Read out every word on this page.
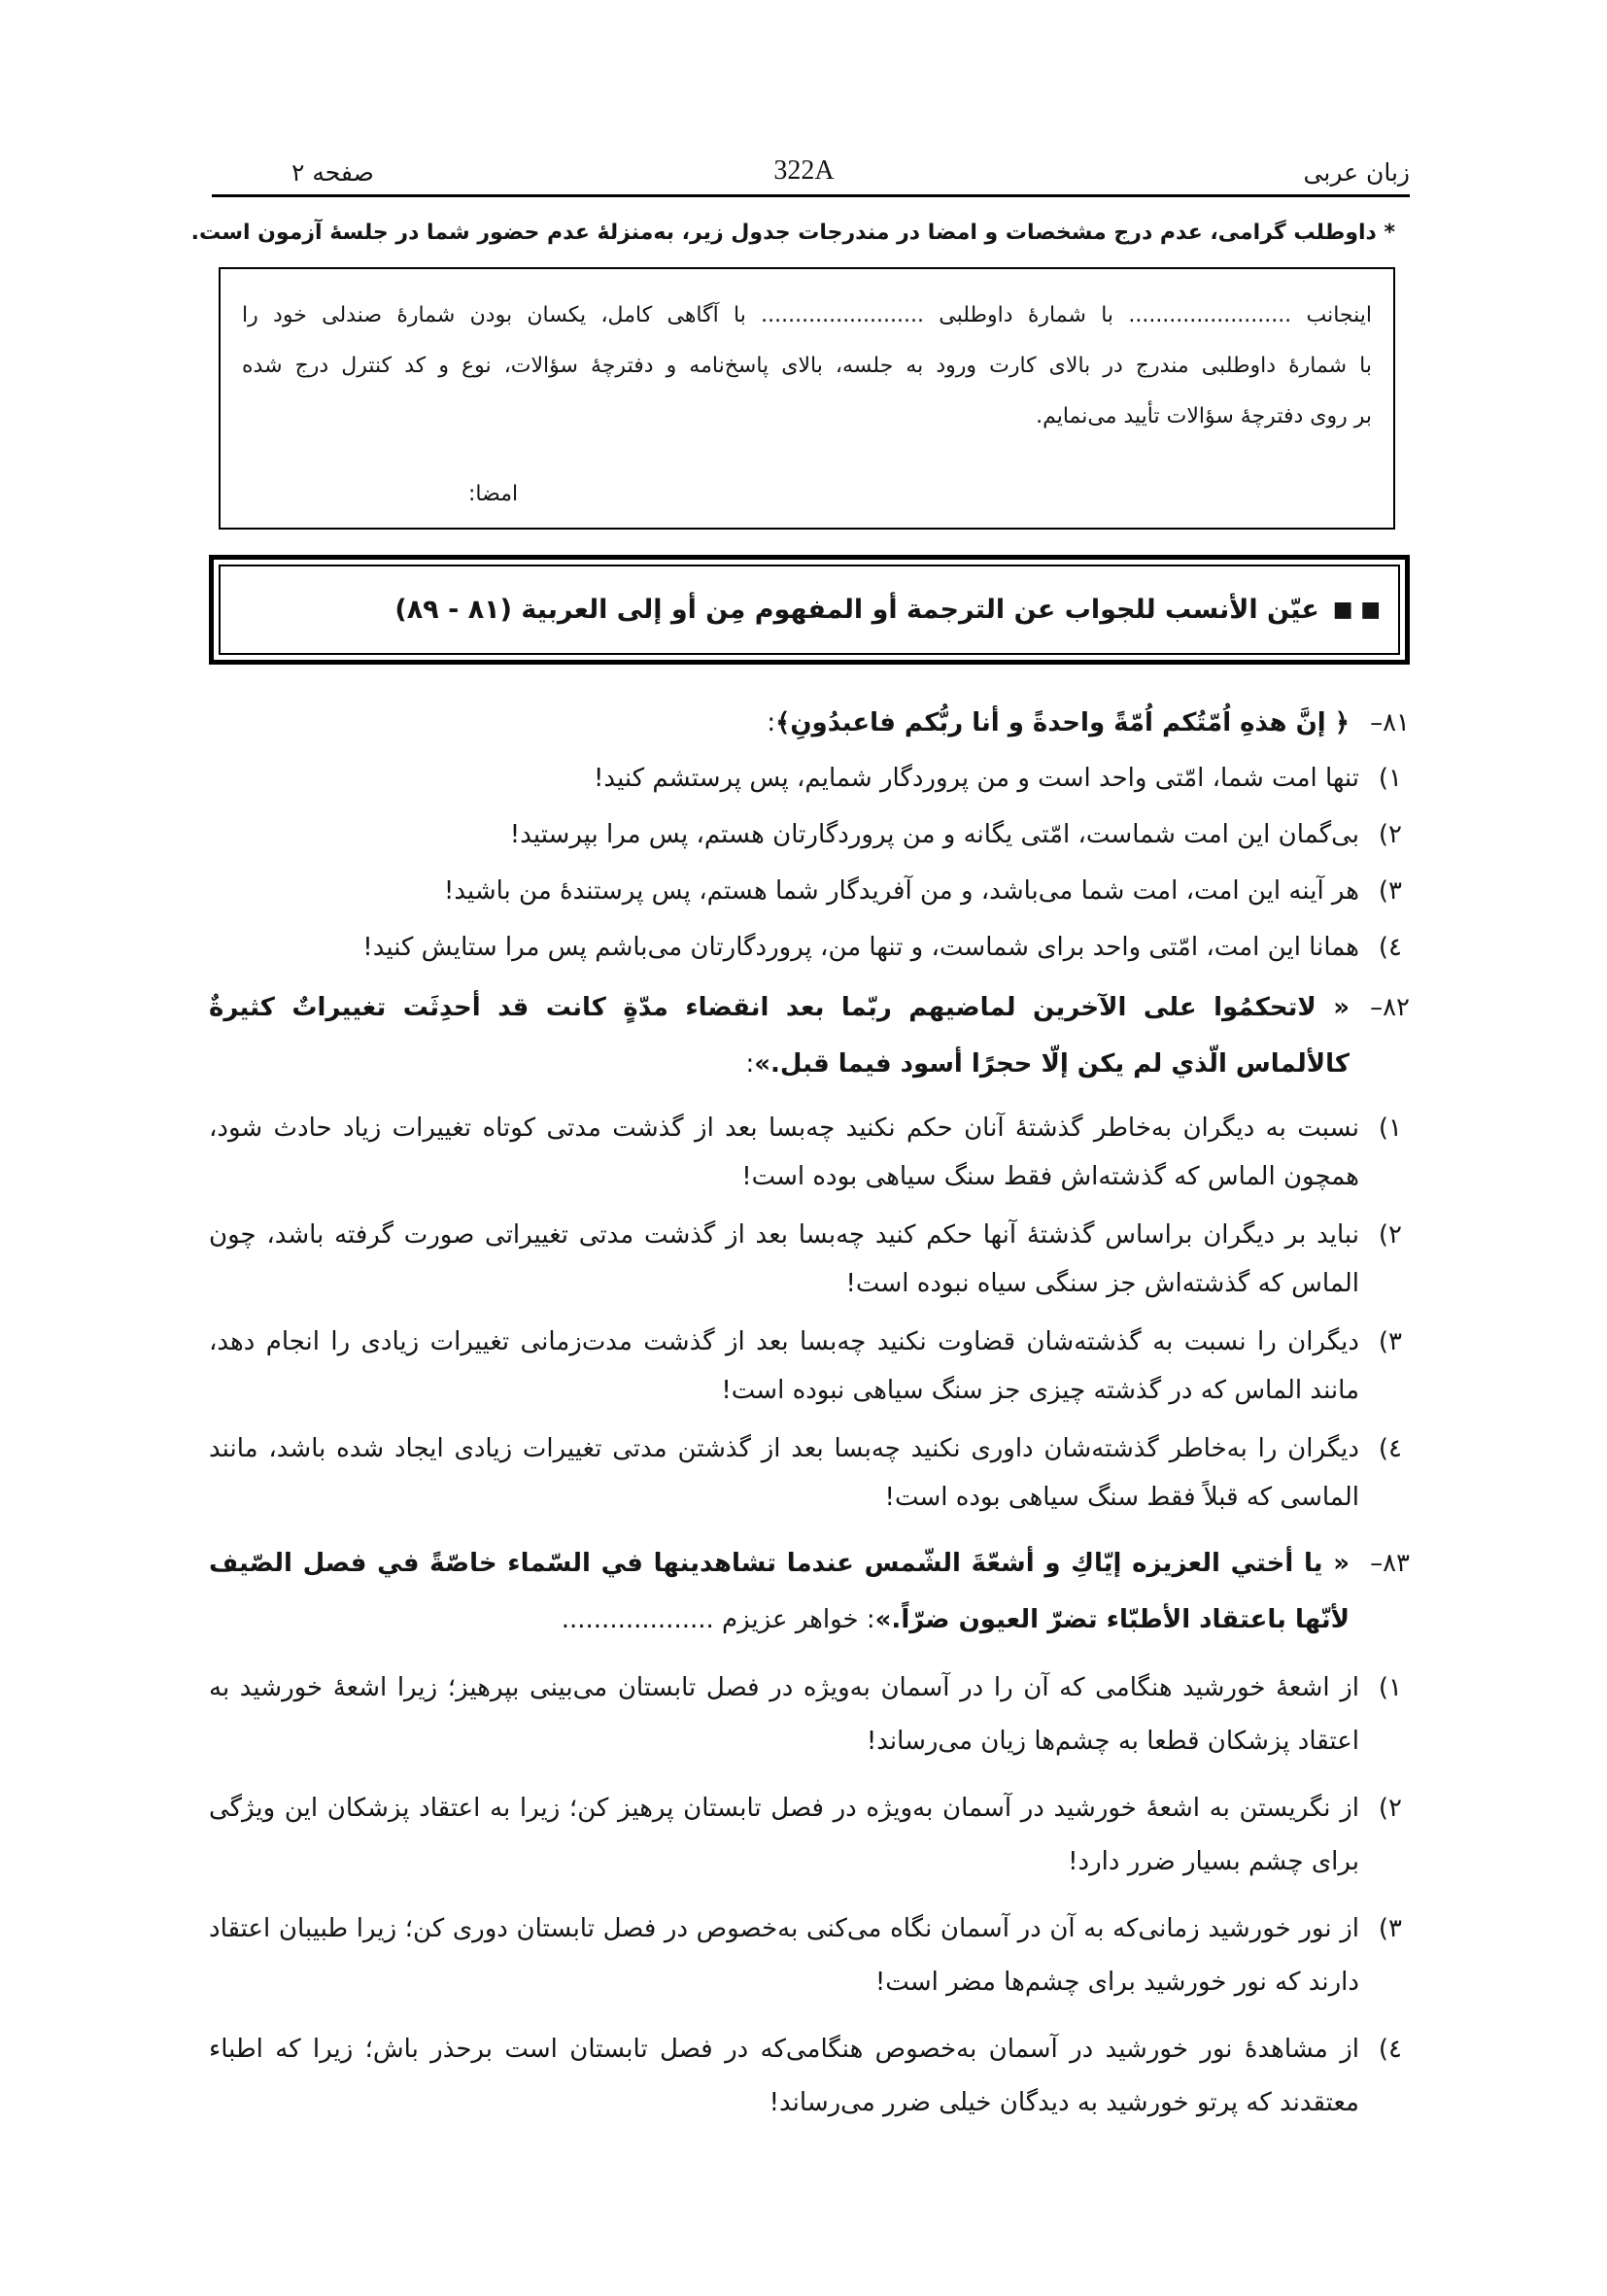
زبان عربی
322A
صفحه ۲
* داوطلب گرامی، عدم درج مشخصات و امضا در مندرجات جدول زیر، به‌منزلهٔ عدم حضور شما در جلسهٔ آزمون است.
اینجانب ........................ با شمارهٔ داوطلبی ........................ با آگاهی کامل، یکسان بودن شمارهٔ صندلی خود را
با شمارهٔ داوطلبی مندرج در بالای کارت ورود به جلسه، بالای پاسخ‌نامه و دفترچهٔ سؤالات، نوع و کد کنترل درج شده
بر روی دفترچهٔ سؤالات تأیید می‌نمایم.
امضا:
■ ■
عیّن الأنسب للجواب عن الترجمة أو المفهوم مِن أو إلی العربیة (۸۱ - ۸۹)
۸۱–
﴿ إنَّ هذهِ اُمّتُکم اُمّةً واحدةً و أنا ربُّکم فاعبدُونِ﴾:
۱)
تنها امت شما، امّتی واحد است و من پروردگار شمایم، پس پرستشم کنید!
۲)
بی‌گمان این امت شماست، امّتی یگانه و من پروردگارتان هستم، پس مرا بپرستید!
۳)
هر آینه این امت، امت شما می‌باشد، و من آفریدگار شما هستم، پس پرستندهٔ من باشید!
٤)
همانا این امت، امّتی واحد برای شماست، و تنها من، پروردگارتان می‌باشم پس مرا ستایش کنید!
۸۲–
« لاتحکمُوا علی الآخرین لماضیهم ربّما بعد انقضاء مدّةٍ کانت قد أحدِثَت تغییراتٌ کثیرةٌ کالألماس الّذي لم یکن إلّا حجرًا أسود فیما قبل.»:
۱)
نسبت به دیگران به‌خاطر گذشتهٔ آنان حکم نکنید چه‌بسا بعد از گذشت مدتی کوتاه تغییرات زیاد حادث شود، همچون الماس که گذشته‌اش فقط سنگ سیاهی بوده است!
۲)
نباید بر دیگران براساس گذشتهٔ آنها حکم کنید چه‌بسا بعد از گذشت مدتی تغییراتی صورت گرفته باشد، چون الماس که گذشته‌اش جز سنگی سیاه نبوده است!
۳)
دیگران را نسبت به گذشته‌شان قضاوت نکنید چه‌بسا بعد از گذشت مدت‌زمانی تغییرات زیادی را انجام دهد، مانند الماس که در گذشته چیزی جز سنگ سیاهی نبوده است!
٤)
دیگران را به‌خاطر گذشته‌شان داوری نکنید چه‌بسا بعد از گذشتن مدتی تغییرات زیادی ایجاد شده باشد، مانند الماسی که قبلاً فقط سنگ سیاهی بوده است!
۸۳–
« یا أختي العزیزه إیّاكِ و أشعّةَ الشّمس عندما تشاهدینها في السّماء خاصّةً في فصل الصّیف لأنّها باعتقاد الأطبّاء تضرّ العیون ضرّاً.»: خواهر عزیزم ...................
۱)
از اشعهٔ خورشید هنگامی که آن را در آسمان به‌ویژه در فصل تابستان می‌بینی بپرهیز؛ زیرا اشعهٔ خورشید به اعتقاد پزشکان قطعا به چشم‌ها زیان می‌رساند!
۲)
از نگریستن به اشعهٔ خورشید در آسمان به‌ویژه در فصل تابستان پرهیز کن؛ زیرا به اعتقاد پزشکان این ویژگی برای چشم بسیار ضرر دارد!
۳)
از نور خورشید زمانی‌که به آن در آسمان نگاه می‌کنی به‌خصوص در فصل تابستان دوری کن؛ زیرا طبیبان اعتقاد دارند که نور خورشید برای چشم‌ها مضر است!
٤)
از مشاهدهٔ نور خورشید در آسمان به‌خصوص هنگامی‌که در فصل تابستان است برحذر باش؛ زیرا که اطباء معتقدند که پرتو خورشید به دیدگان خیلی ضرر می‌رساند!
